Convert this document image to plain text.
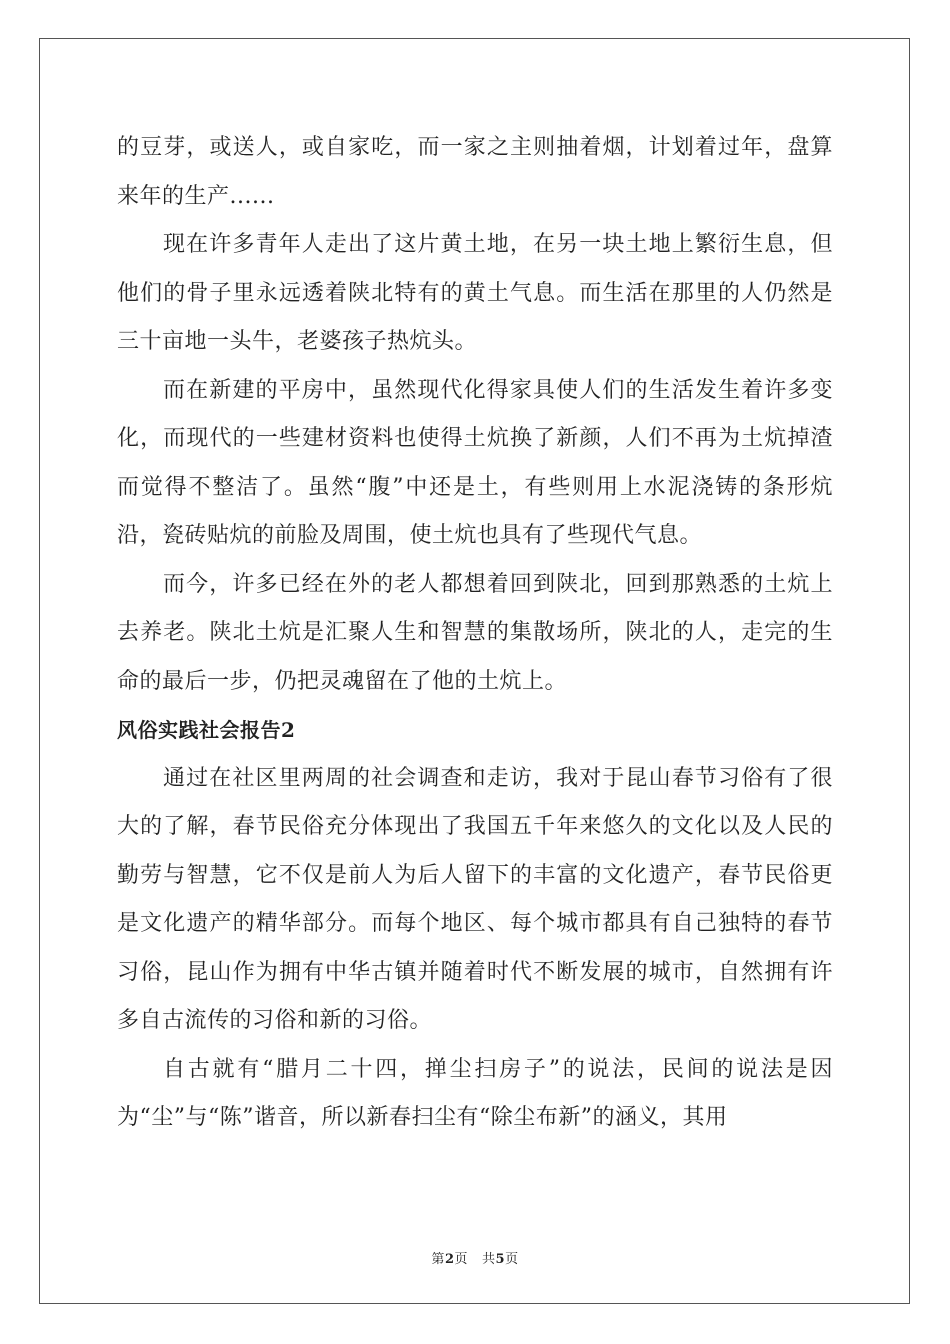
的豆芽，或送人，或自家吃，而一家之主则抽着烟，计划着过年，盘算来年的生产......

现在许多青年人走出了这片黄土地，在另一块土地上繁衍生息，但他们的骨子里永远透着陕北特有的黄土气息。而生活在那里的人仍然是三十亩地一头牛，老婆孩子热炕头。

而在新建的平房中，虽然现代化得家具使人们的生活发生着许多变化，而现代的一些建材资料也使得土炕换了新颜，人们不再为土炕掉渣而觉得不整洁了。虽然“腹”中还是土，有些则用上水泥浇铸的条形炕沿，瓷砖贴炕的前脸及周围，使土炕也具有了些现代气息。

而今，许多已经在外的老人都想着回到陕北，回到那熟悉的土炕上去养老。陕北土炕是汇聚人生和智慧的集散场所，陕北的人，走完的生命的最后一步，仍把灵魂留在了他的土炕上。

风俗实践社会报告2

通过在社区里两周的社会调查和走访，我对于昆山春节习俗有了很大的了解，春节民俗充分体现出了我国五千年来悠久的文化以及人民的勤劳与智慧，它不仅是前人为后人留下的丰富的文化遗产，春节民俗更是文化遗产的精华部分。而每个地区、每个城市都具有自己独特的春节习俗，昆山作为拥有中华古镇并随着时代不断发展的城市，自然拥有许多自古流传的习俗和新的习俗。

自古就有“腊月二十四，掸尘扫房子”的说法，民间的说法是因为“尘”与“陈”谐音，所以新春扫尘有“除尘布新”的涵义，其用

第2页 共5页
